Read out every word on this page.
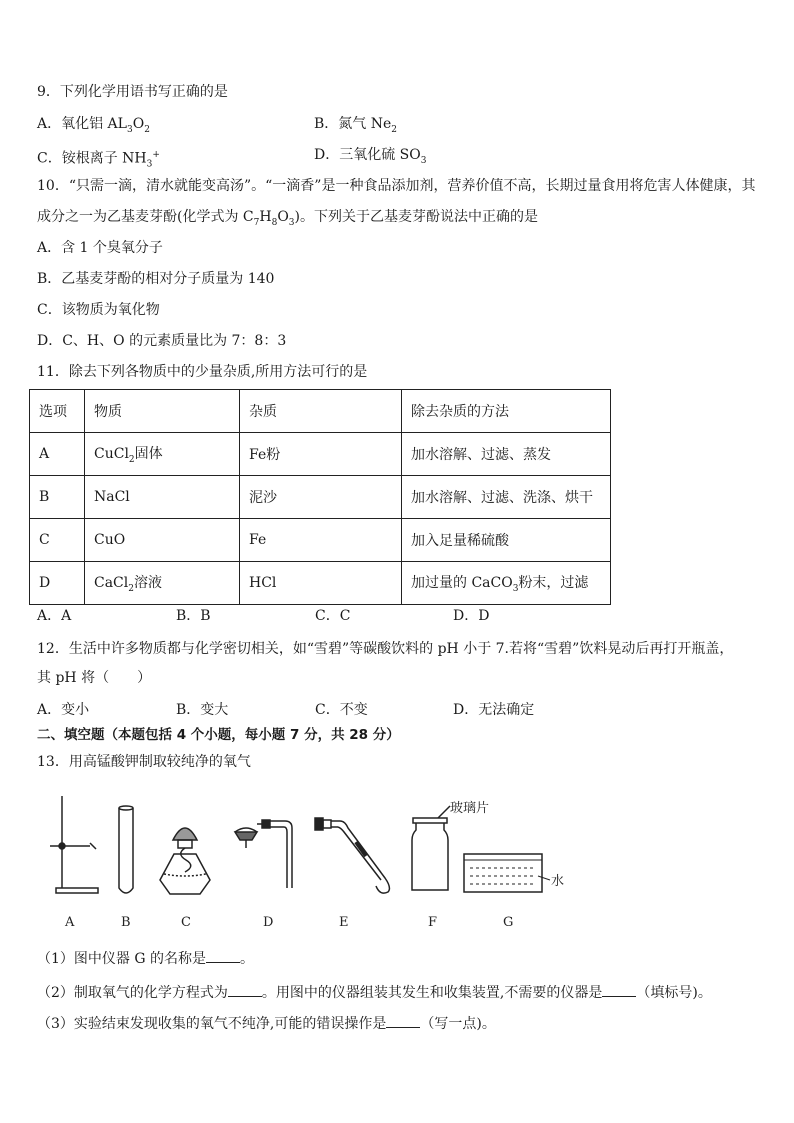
9．下列化学用语书写正确的是
A．氧化铝 $AL_3O_2$	B．氮气 $Ne_2$
C．铵根离子 $NH_3^+$	D．三氧化硫 $SO_3$
10．“只需一滴，清水就能变高汤”。“一滴香”是一种食品添加剂，营养价值不高，长期过量食用将危害人体健康，其
成分之一为乙基麦芽酚(化学式为 $C_7H_8O_3$)。下列关于乙基麦芽酚说法中正确的是
A．含 1 个臭氧分子
B．乙基麦芽酚的相对分子质量为 140
C．该物质为氧化物
D．C、H、O 的元素质量比为 7：8：3
11．除去下列各物质中的少量杂质,所用方法可行的是
选项	物质	杂质	除去杂质的方法
A	CuCl$_2$固体	Fe粉	加水溶解、过滤、蒸发
B	NaCl	泥沙	加水溶解、过滤、洗涤、烘干
C	CuO	Fe	加入足量稀硫酸
D	CaCl$_2$溶液	HCl	加过量的 CaCO$_3$粉末，过滤
A．A	B．B	C．C	D．D
12．生活中许多物质都与化学密切相关，如“雪碧”等碳酸饮料的 pH 小于 7.若将“雪碧”饮料晃动后再打开瓶盖，
其 pH 将（　　）
A．变小	B．变大	C．不变	D．无法确定
二、填空题（本题包括 4 个小题，每小题 7 分，共 28 分）
13．用高锰酸钾制取较纯净的氧气
玻璃片
水
A	B	C	D	E	F	G
（1）图中仪器 G 的名称是 。
（2）制取氧气的化学方程式为 。用图中的仪器组装其发生和收集装置,不需要的仪器是 （填标号)。
（3）实验结束发现收集的氧气不纯净,可能的错误操作是 （写一点)。
